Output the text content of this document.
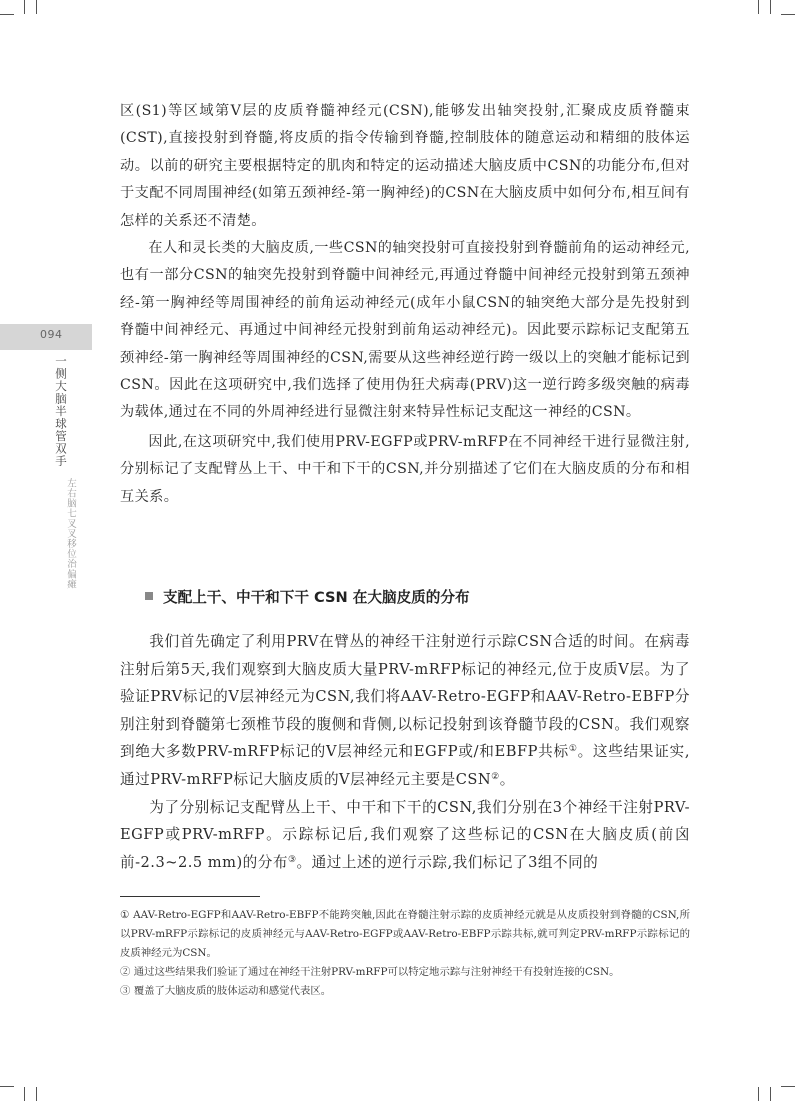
094
一侧大脑半球管双手
左右脑七叉叉移位治偏瘫

区(S1)等区域第Ⅴ层的皮质脊髓神经元(CSN),能够发出轴突投射,汇聚成皮质脊髓束(CST),直接投射到脊髓,将皮质的指令传输到脊髓,控制肢体的随意运动和精细的肢体运动。以前的研究主要根据特定的肌肉和特定的运动描述大脑皮质中CSN的功能分布,但对于支配不同周围神经(如第五颈神经-第一胸神经)的CSN在大脑皮质中如何分布,相互间有怎样的关系还不清楚。

在人和灵长类的大脑皮质,一些CSN的轴突投射可直接投射到脊髓前角的运动神经元,也有一部分CSN的轴突先投射到脊髓中间神经元,再通过脊髓中间神经元投射到第五颈神经-第一胸神经等周围神经的前角运动神经元(成年小鼠CSN的轴突绝大部分是先投射到脊髓中间神经元、再通过中间神经元投射到前角运动神经元)。因此要示踪标记支配第五颈神经-第一胸神经等周围神经的CSN,需要从这些神经逆行跨一级以上的突触才能标记到CSN。因此在这项研究中,我们选择了使用伪狂犬病毒(PRV)这一逆行跨多级突触的病毒为载体,通过在不同的外周神经进行显微注射来特异性标记支配这一神经的CSN。

因此,在这项研究中,我们使用PRV-EGFP或PRV-mRFP在不同神经干进行显微注射,分别标记了支配臂丛上干、中干和下干的CSN,并分别描述了它们在大脑皮质的分布和相互关系。

支配上干、中干和下干 CSN 在大脑皮质的分布

我们首先确定了利用PRV在臂丛的神经干注射逆行示踪CSN合适的时间。在病毒注射后第5天,我们观察到大脑皮质大量PRV-mRFP标记的神经元,位于皮质Ⅴ层。为了验证PRV标记的Ⅴ层神经元为CSN,我们将AAV-Retro-EGFP和AAV-Retro-EBFP分别注射到脊髓第七颈椎节段的腹侧和背侧,以标记投射到该脊髓节段的CSN。我们观察到绝大多数PRV-mRFP标记的Ⅴ层神经元和EGFP或/和EBFP共标①。这些结果证实,通过PRV-mRFP标记大脑皮质的Ⅴ层神经元主要是CSN②。

为了分别标记支配臂丛上干、中干和下干的CSN,我们分别在3个神经干注射PRV-EGFP或PRV-mRFP。示踪标记后,我们观察了这些标记的CSN在大脑皮质(前囟前-2.3~2.5 mm)的分布③。通过上述的逆行示踪,我们标记了3组不同的

① AAV-Retro-EGFP和AAV-Retro-EBFP不能跨突触,因此在脊髓注射示踪的皮质神经元就是从皮质投射到脊髓的CSN,所以PRV-mRFP示踪标记的皮质神经元与AAV-Retro-EGFP或AAV-Retro-EBFP示踪共标,就可判定PRV-mRFP示踪标记的皮质神经元为CSN。

② 通过这些结果我们验证了通过在神经干注射PRV-mRFP可以特定地示踪与注射神经干有投射连接的CSN。

③ 覆盖了大脑皮质的肢体运动和感觉代表区。
